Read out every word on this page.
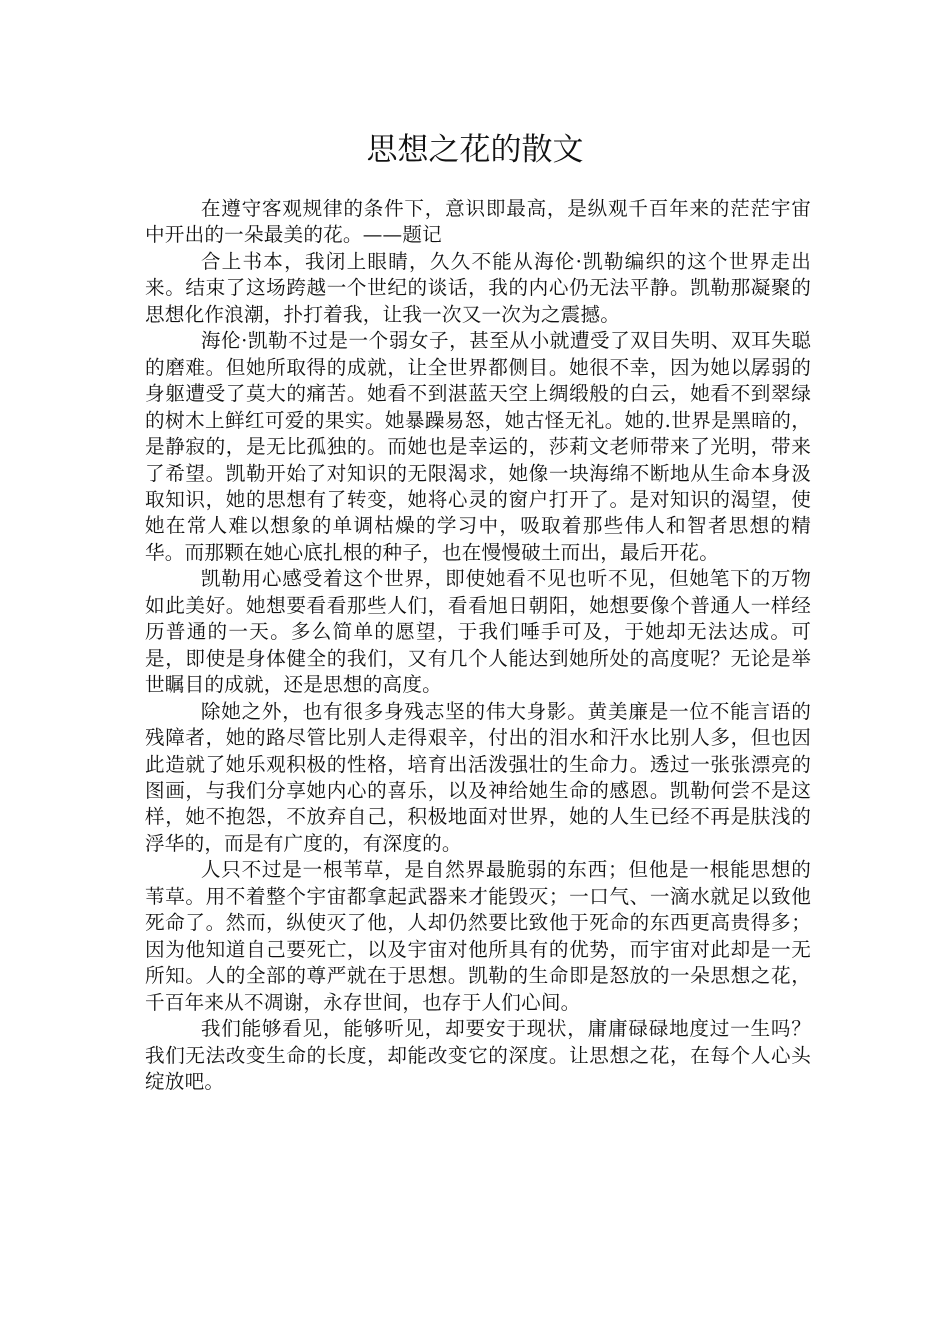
思想之花的散文

在遵守客观规律的条件下，意识即最高，是纵观千百年来的茫茫宇宙中开出的一朵最美的花。——题记

合上书本，我闭上眼睛，久久不能从海伦·凯勒编织的这个世界走出来。结束了这场跨越一个世纪的谈话，我的内心仍无法平静。凯勒那凝聚的思想化作浪潮，扑打着我，让我一次又一次为之震撼。

海伦·凯勒不过是一个弱女子，甚至从小就遭受了双目失明、双耳失聪的磨难。但她所取得的成就，让全世界都侧目。她很不幸，因为她以孱弱的身躯遭受了莫大的痛苦。她看不到湛蓝天空上绸缎般的白云，她看不到翠绿的树木上鲜红可爱的果实。她暴躁易怒，她古怪无礼。她的.世界是黑暗的，是静寂的，是无比孤独的。而她也是幸运的，莎莉文老师带来了光明，带来了希望。凯勒开始了对知识的无限渴求，她像一块海绵不断地从生命本身汲取知识，她的思想有了转变，她将心灵的窗户打开了。是对知识的渴望，使她在常人难以想象的单调枯燥的学习中，吸取着那些伟人和智者思想的精华。而那颗在她心底扎根的种子，也在慢慢破土而出，最后开花。

凯勒用心感受着这个世界，即使她看不见也听不见，但她笔下的万物如此美好。她想要看看那些人们，看看旭日朝阳，她想要像个普通人一样经历普通的一天。多么简单的愿望，于我们唾手可及，于她却无法达成。可是，即使是身体健全的我们，又有几个人能达到她所处的高度呢？无论是举世瞩目的成就，还是思想的高度。

除她之外，也有很多身残志坚的伟大身影。黄美廉是一位不能言语的残障者，她的路尽管比别人走得艰辛，付出的泪水和汗水比别人多，但也因此造就了她乐观积极的性格，培育出活泼强壮的生命力。透过一张张漂亮的图画，与我们分享她内心的喜乐，以及神给她生命的感恩。凯勒何尝不是这样，她不抱怨，不放弃自己，积极地面对世界，她的人生已经不再是肤浅的浮华的，而是有广度的，有深度的。

人只不过是一根苇草，是自然界最脆弱的东西；但他是一根能思想的苇草。用不着整个宇宙都拿起武器来才能毁灭；一口气、一滴水就足以致他死命了。然而，纵使灭了他，人却仍然要比致他于死命的东西更高贵得多；因为他知道自己要死亡，以及宇宙对他所具有的优势，而宇宙对此却是一无所知。人的全部的尊严就在于思想。凯勒的生命即是怒放的一朵思想之花，千百年来从不凋谢，永存世间，也存于人们心间。

我们能够看见，能够听见，却要安于现状，庸庸碌碌地度过一生吗？我们无法改变生命的长度，却能改变它的深度。让思想之花，在每个人心头绽放吧。
